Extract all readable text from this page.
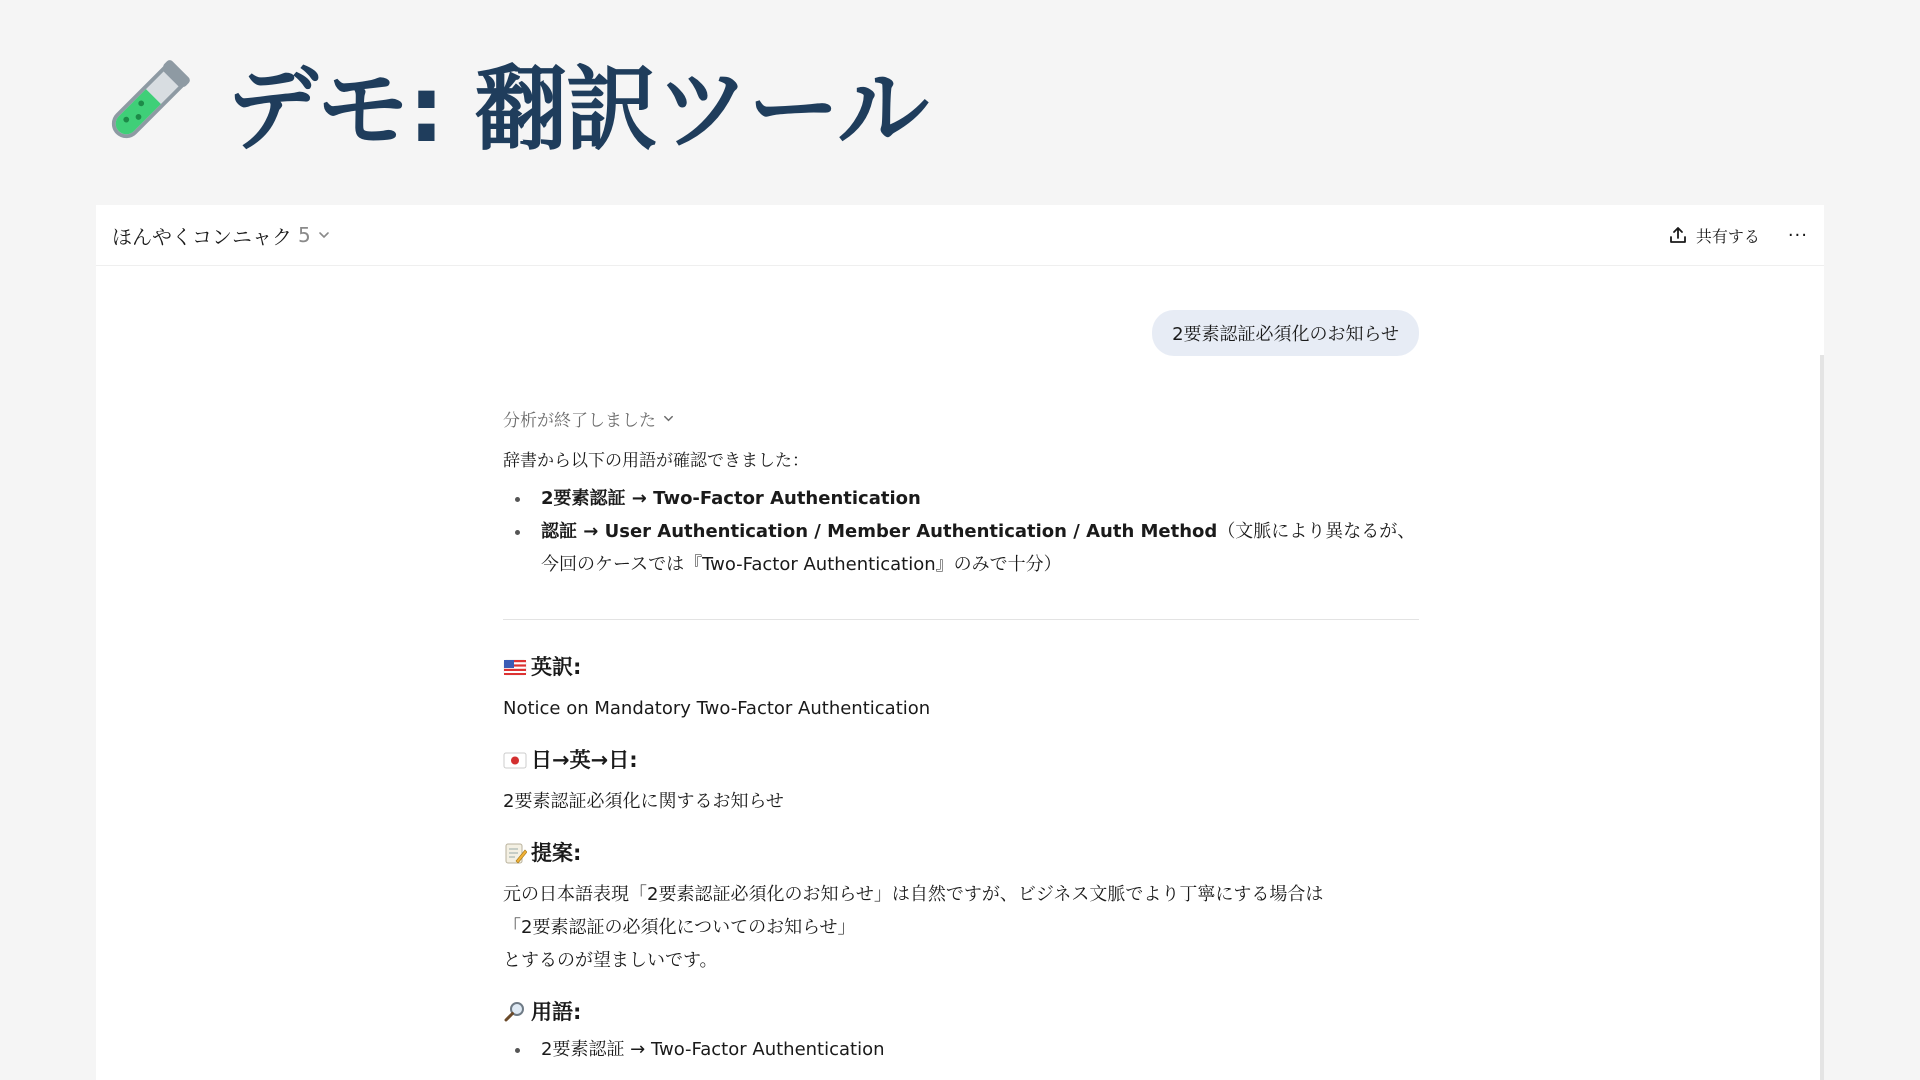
デモ: 翻訳ツール
ほんやくコンニャク 5	共有する ···
2要素認証必須化のお知らせ
分析が終了しました

辞書から以下の用語が確認できました：

2要素認証 → Two-Factor Authentication
認証 → User Authentication / Member Authentication / Auth Method（文脈により異なるが、今回のケースでは『Two-Factor Authentication』のみで十分）
英訳:
Notice on Mandatory Two-Factor Authentication
日→英→日:
2要素認証必須化に関するお知らせ
提案:
元の日本語表現「2要素認証必須化のお知らせ」は自然ですが、ビジネス文脈でより丁寧にする場合は
「2要素認証の必須化についてのお知らせ」
とするのが望ましいです。
用語:
2要素認証 → Two-Factor Authentication
